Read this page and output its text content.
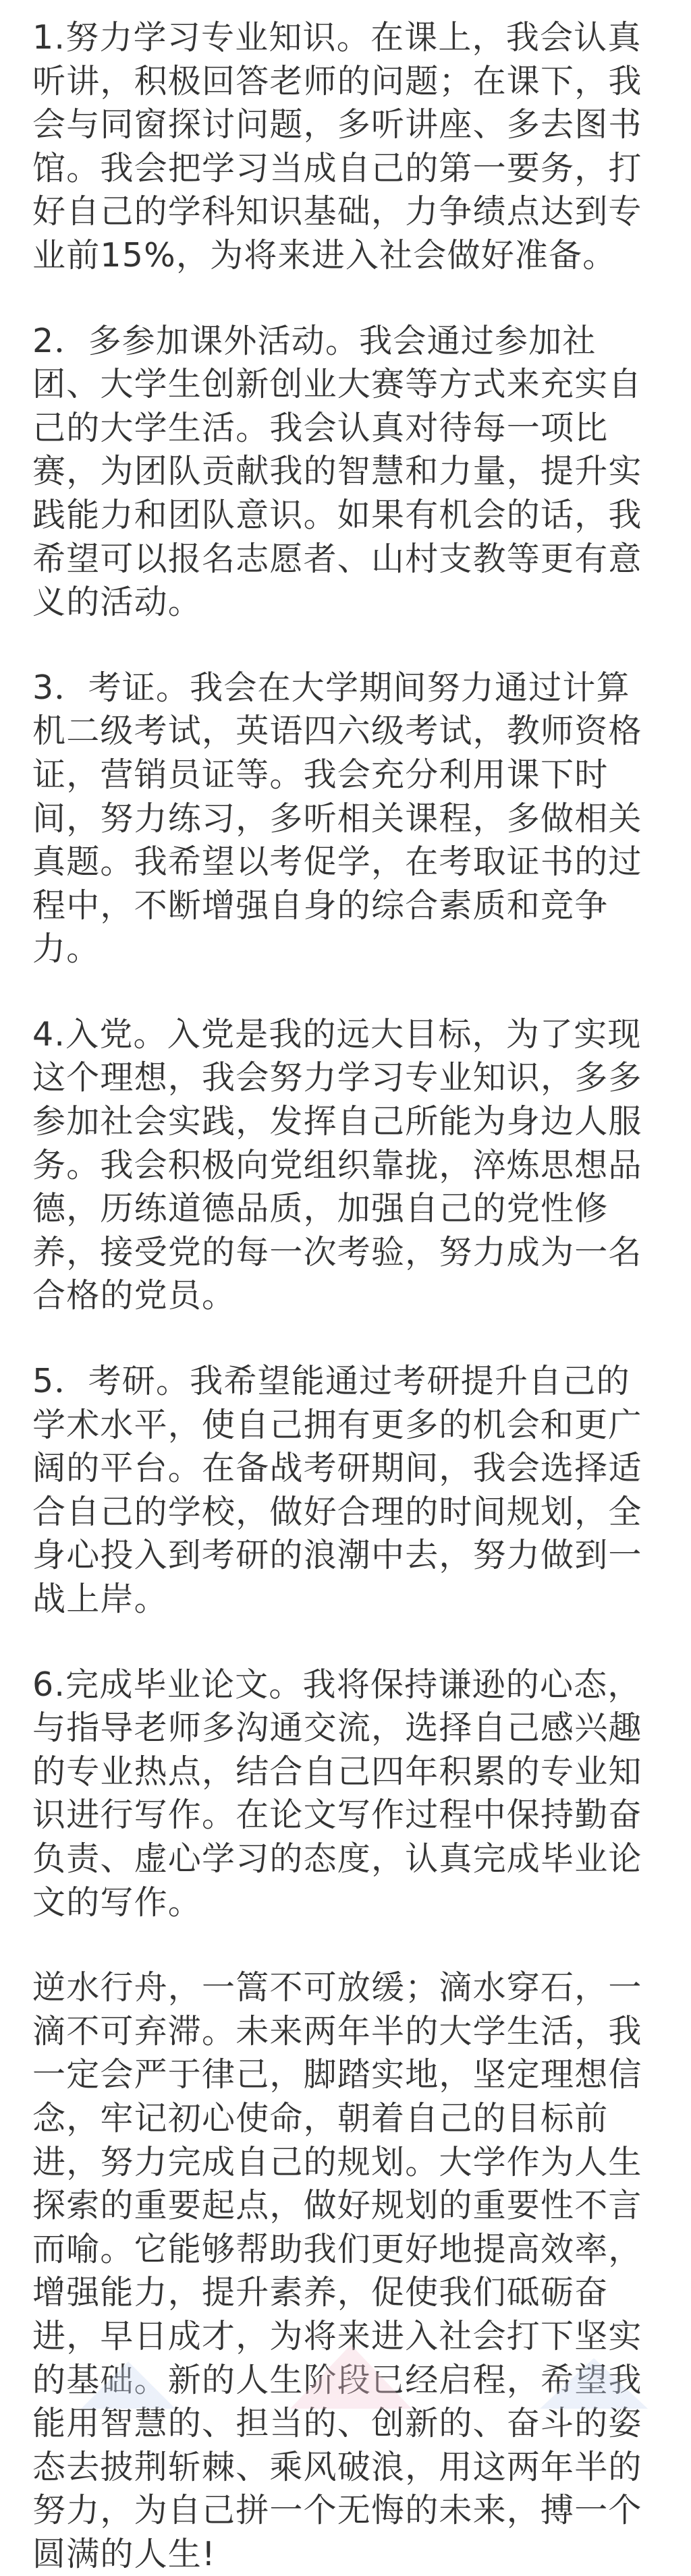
1.努力学习专业知识。在课上，我会认真听讲，积极回答老师的问题；在课下，我会与同窗探讨问题，多听讲座、多去图书馆。我会把学习当成自己的第一要务，打好自己的学科知识基础，力争绩点达到专业前15%，为将来进入社会做好准备。

2．多参加课外活动。我会通过参加社团、大学生创新创业大赛等方式来充实自己的大学生活。我会认真对待每一项比赛，为团队贡献我的智慧和力量，提升实践能力和团队意识。如果有机会的话，我希望可以报名志愿者、山村支教等更有意义的活动。

3．考证。我会在大学期间努力通过计算机二级考试，英语四六级考试，教师资格证，营销员证等。我会充分利用课下时间，努力练习，多听相关课程，多做相关真题。我希望以考促学，在考取证书的过程中，不断增强自身的综合素质和竞争力。

4.入党。入党是我的远大目标，为了实现这个理想，我会努力学习专业知识，多多参加社会实践，发挥自己所能为身边人服务。我会积极向党组织靠拢，淬炼思想品德，历练道德品质，加强自己的党性修养，接受党的每一次考验，努力成为一名合格的党员。

5．考研。我希望能通过考研提升自己的学术水平，使自己拥有更多的机会和更广阔的平台。在备战考研期间，我会选择适合自己的学校，做好合理的时间规划，全身心投入到考研的浪潮中去，努力做到一战上岸。

6.完成毕业论文。我将保持谦逊的心态，与指导老师多沟通交流，选择自己感兴趣的专业热点，结合自己四年积累的专业知识进行写作。在论文写作过程中保持勤奋负责、虚心学习的态度，认真完成毕业论文的写作。

逆水行舟，一篙不可放缓；滴水穿石，一滴不可弃滞。未来两年半的大学生活，我一定会严于律己，脚踏实地，坚定理想信念，牢记初心使命，朝着自己的目标前进，努力完成自己的规划。大学作为人生探索的重要起点，做好规划的重要性不言而喻。它能够帮助我们更好地提高效率，增强能力，提升素养，促使我们砥砺奋进，早日成才，为将来进入社会打下坚实的基础。新的人生阶段已经启程，希望我能用智慧的、担当的、创新的、奋斗的姿态去披荆斩棘、乘风破浪，用这两年半的努力，为自己拼一个无悔的未来，搏一个圆满的人生!
